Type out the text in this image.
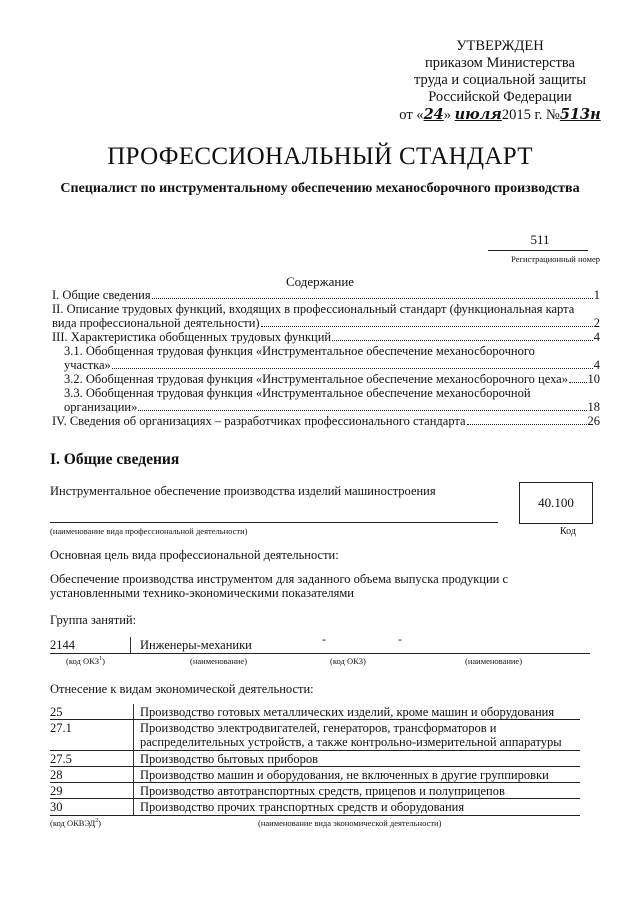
УТВЕРЖДЕН
приказом Министерства
труда и социальной защиты
Российской Федерации
от «24» июля2015 г. №513н
ПРОФЕССИОНАЛЬНЫЙ СТАНДАРТ
Специалист по инструментальному обеспечению механосборочного производства
511
Регистрационный номер
Содержание
I. Общие сведения	1
II. Описание трудовых функций, входящих в профессиональный стандарт (функциональная карта
вида профессиональной деятельности)	2
III. Характеристика обобщенных трудовых функций	4
3.1. Обобщенная трудовая функция «Инструментальное обеспечение механосборочного
участка»	4
3.2. Обобщенная трудовая функция «Инструментальное обеспечение механосборочного цеха» 10
3.3. Обобщенная трудовая функция «Инструментальное обеспечение механосборочной
организации»	18
IV. Сведения об организациях – разработчиках профессионального стандарта	26
I. Общие сведения
Инструментальное обеспечение производства изделий машиностроения
(наименование вида профессиональной деятельности)
40.100
Код
Основная цель вида профессиональной деятельности:
Обеспечение производства инструментом для заданного объема выпуска продукции с
установленными технико-экономическими показателями
Группа занятий:
2144	Инженеры-механики	-	-
(код ОКЗ$^1$)	(наименование)	(код ОКЗ)	(наименование)
Отнесение к видам экономической деятельности:
25	Производство готовых металлических изделий, кроме машин и оборудования
27.1	Производство электродвигателей, генераторов, трансформаторов и
распределительных устройств, а также контрольно-измерительной аппаратуры
27.5	Производство бытовых приборов
28	Производство машин и оборудования, не включенных в другие группировки
29	Производство автотранспортных средств, прицепов и полуприцепов
30	Производство прочих транспортных средств и оборудования
(код ОКВЭД$^2$)	(наименование вида экономической деятельности)
